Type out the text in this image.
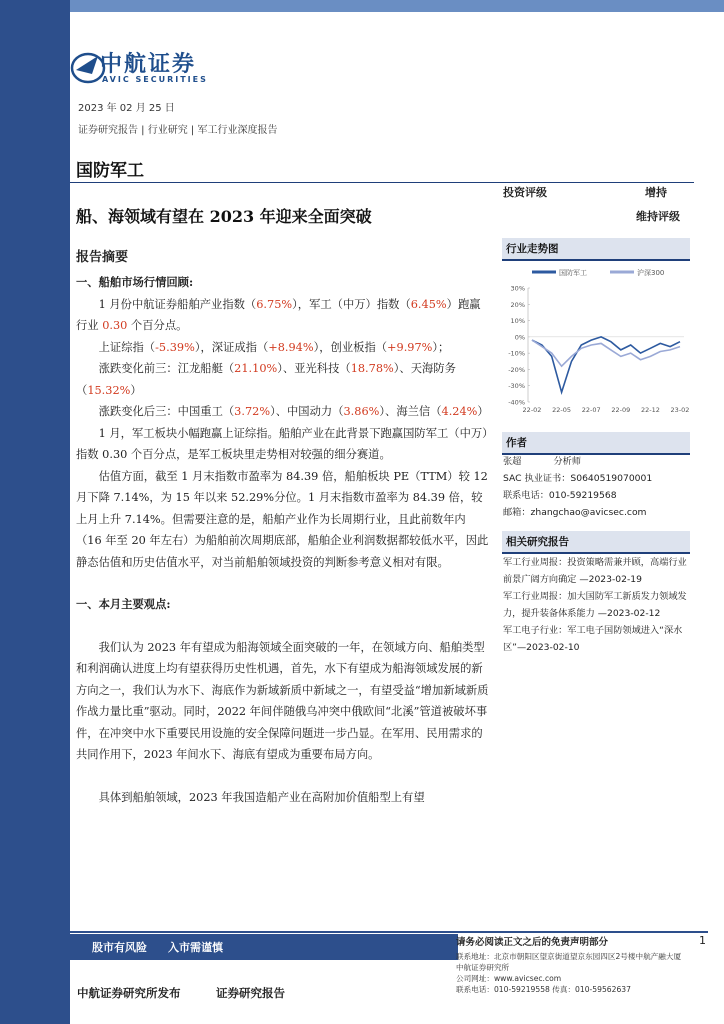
中航证券
AVIC SECURITIES
2023 年 02 月 25 日
证券研究报告 | 行业研究 | 军工行业深度报告
国防军工
船、海领域有望在 2023 年迎来全面突破
投资评级	增持
维持评级
报告摘要

一、船舶市场行情回顾:

1 月份中航证券船舶产业指数（6.75%），军工（中万）指数（6.45%）跑赢行业 0.30 个百分点。

上证综指（-5.39%），深证成指（+8.94%），创业板指（+9.97%）；

涨跌变化前三：江龙船艇（21.10%）、亚光科技（18.78%）、天海防务（15.32%）

涨跌变化后三：中国重工（3.72%）、中国动力（3.86%）、海兰信（4.24%）

1 月，军工板块小幅跑赢上证综指。船舶产业在此背景下跑赢国防军工（中万）指数 0.30 个百分点，是军工板块里走势相对较强的细分赛道。

估值方面，截至 1 月末指数市盈率为 84.39 倍，船舶板块 PE（TTM）较 12 月下降 7.14%，为 15 年以来 52.29%分位。1 月末指数市盈率为 84.39 倍，较上月上升 7.14%。但需要注意的是，船舶产业作为长周期行业，且此前数年内（16 年至 20 年左右）为船舶前次周期底部，船舶企业利润数据都较低水平，因此静态估值和历史估值水平，对当前船舶领域投资的判断参考意义相对有限。

一、本月主要观点:

我们认为 2023 年有望成为船海领域全面突破的一年，在领域方向、船舶类型和利润确认进度上均有望获得历史性机遇，首先，水下有望成为船海领域发展的新方向之一，我们认为水下、海底作为新域新质中新域之一，有望受益“增加新域新质作战力量比重”驱动。同时，2022 年间伴随俄乌冲突中俄欧间“北溪”管道被破坏事件，在冲突中水下重要民用设施的安全保障问题进一步凸显。在军用、民用需求的共同作用下，2023 年间水下、海底有望成为重要布局方向。

具体到船舶领域，2023 年我国造船产业在高附加价值船型上有望

行业走势图
国防军工	沪深300
30%
20%
10%
0%
-10%
-20%
-30%
-40%
22-02 22-05 22-07 22-09 22-12 23-02
作者
张超	分析师
SAC 执业证书：S0640519070001
联系电话：010-59219568
邮箱：zhangchao@avicsec.com
相关研究报告
军工行业周报：投资策略需兼并顾，高端行业前景广阔方向确定 —2023-02-19
军工行业周报：加大国防军工新质发力领域发力，提升装备体系能力 —2023-02-12
军工电子行业：军工电子国防领域进入“深水区”—2023-02-10
股市有风险 入市需谨慎	请务必阅读正文之后的免责声明部分	1
联系地址：北京市朝阳区望京街道望京东园四区2号楼中航产融大厦
中航证券研究所
公司网址：www.avicsec.com
联系电话：010-59219558 传真：010-59562637
中航证券研究所发布	证券研究报告
